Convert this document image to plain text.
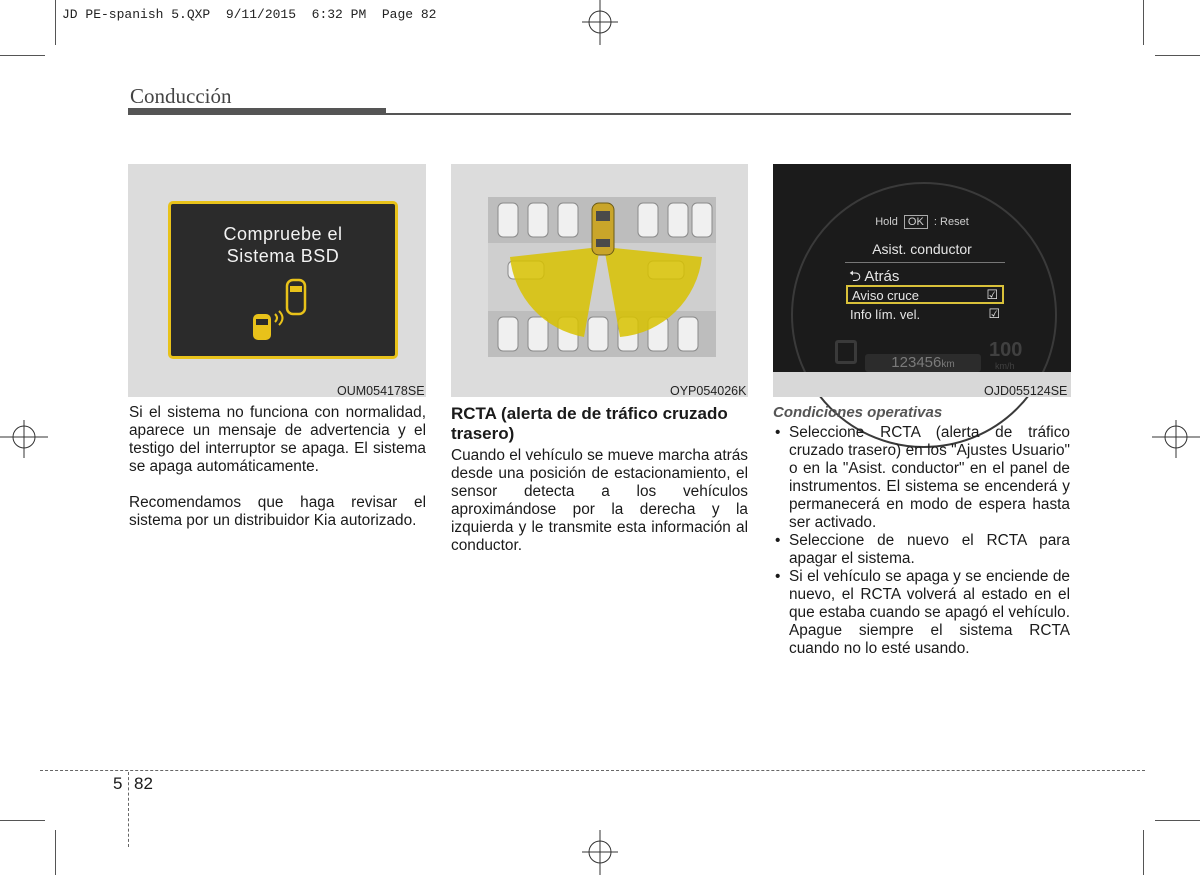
JD PE-spanish 5.QXP  9/11/2015  6:32 PM  Page 82
Conducción
Compruebe el
Sistema BSD
OUM054178SE	OYP054026K
Hold OK : Reset
Asist. conductor
⮌ Atrás
Aviso cruce	☑
Info lím. vel.	☑
123456km
100
km/h
OJD055124SE

Si el sistema no funciona con normalidad, aparece un mensaje de advertencia y el testigo del interruptor se apaga. El sistema se apaga automáticamente.

Recomendamos que haga revisar el sistema por un distribuidor Kia autorizado.

RCTA (alerta de de tráfico cruzado trasero)

Cuando el vehículo se mueve marcha atrás desde una posición de estacionamiento, el sensor detecta a los vehículos aproximándose por la derecha y la izquierda y le transmite esta información al conductor.

Condiciones operativas
• Seleccione RCTA (alerta de tráfico cruzado trasero) en los "Ajustes Usuario" o en la "Asist. conductor" en el panel de instrumentos. El sistema se encenderá y permanecerá en modo de espera hasta ser activado.
• Seleccione de nuevo el RCTA para apagar el sistema.
• Si el vehículo se apaga y se enciende de nuevo, el RCTA volverá al estado en el que estaba cuando se apagó el vehículo. Apague siempre el sistema RCTA cuando no lo esté usando.
5 82
